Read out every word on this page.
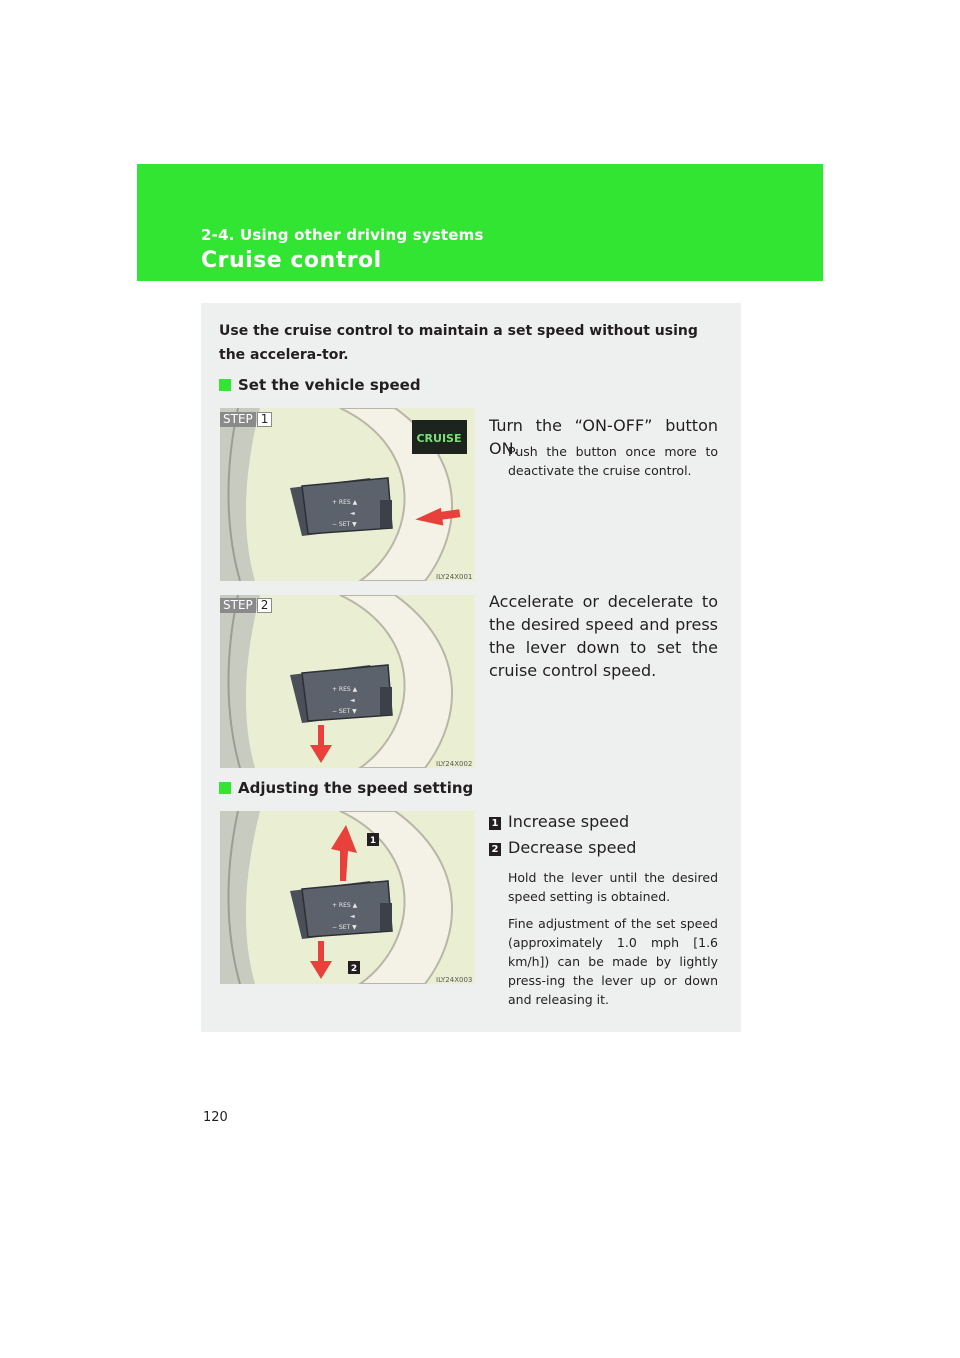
2-4. Using other driving systems
Cruise control
Use the cruise control to maintain a set speed without using the accelera-tor.
Set the vehicle speed
+ RES ▲
◄
− SET ▼
CRUISE
STEP 1
ILY24X001
Turn the “ON-OFF” button ON.
Push the button once more to deactivate the cruise control.
+ RES ▲
◄
− SET ▼
STEP 2
ILY24X002
Accelerate or decelerate to the desired speed and press the lever down to set the cruise control speed.
Adjusting the speed setting
+ RES ▲
◄
− SET ▼
1
2
ILY24X003
1 Increase speed
2 Decrease speed
Hold the lever until the desired speed setting is obtained.
Fine adjustment of the set speed (approximately 1.0 mph [1.6 km/h]) can be made by lightly press-ing the lever up or down and releasing it.
120
